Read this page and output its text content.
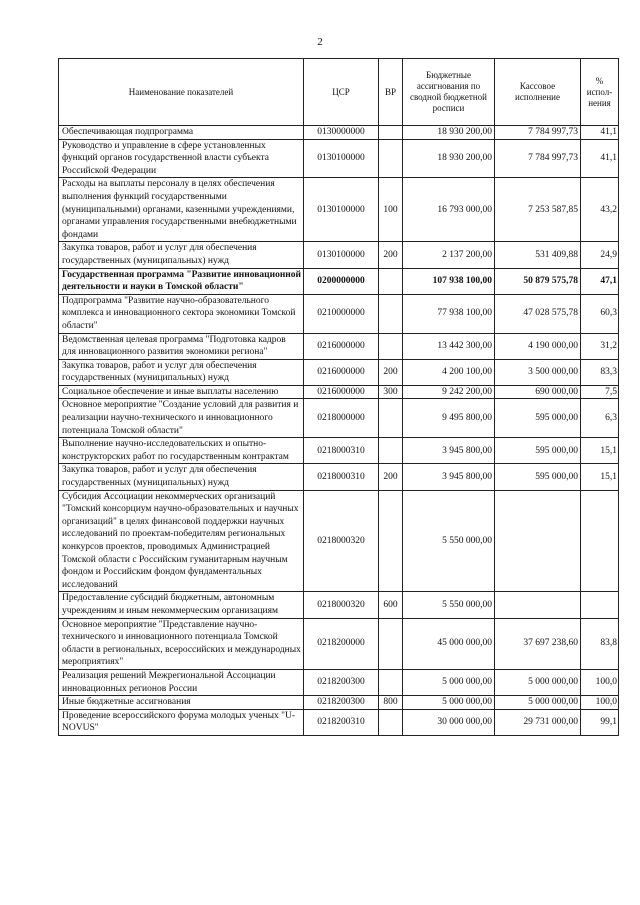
2
Наименование показателей	ЦСР	ВР	Бюджетные ассигнования по сводной бюджетной росписи	Кассовое исполнение	% испол-нения
Обеспечивающая подпрограмма	0130000000		18 930 200,00	7 784 997,73	41,1
Руководство и управление в сфере установленных функций органов государственной власти субъекта Российской Федерации	0130100000		18 930 200,00	7 784 997,73	41,1
Расходы на выплаты персоналу в целях обеспечения выполнения функций государственными (муниципальными) органами, казенными учреждениями, органами управления государственными внебюджетными фондами	0130100000	100	16 793 000,00	7 253 587,85	43,2
Закупка товаров, работ и услуг для обеспечения государственных (муниципальных) нужд	0130100000	200	2 137 200,00	531 409,88	24,9
Государственная программа "Развитие инновационной деятельности и науки в Томской области"	0200000000		107 938 100,00	50 879 575,78	47,1
Подпрограмма "Развитие научно-образовательного комплекса и инновационного сектора экономики Томской области"	0210000000		77 938 100,00	47 028 575,78	60,3
Ведомственная целевая программа "Подготовка кадров для инновационного развития экономики региона"	0216000000		13 442 300,00	4 190 000,00	31,2
Закупка товаров, работ и услуг для обеспечения государственных (муниципальных) нужд	0216000000	200	4 200 100,00	3 500 000,00	83,3
Социальное обеспечение и иные выплаты населению	0216000000	300	9 242 200,00	690 000,00	7,5
Основное мероприятие "Создание условий для развития и реализации научно-технического и инновационного потенциала Томской области"	0218000000		9 495 800,00	595 000,00	6,3
Выполнение научно-исследовательских и опытно-конструкторских работ по государственным контрактам	0218000310		3 945 800,00	595 000,00	15,1
Закупка товаров, работ и услуг для обеспечения государственных (муниципальных) нужд	0218000310	200	3 945 800,00	595 000,00	15,1
Субсидия Ассоциации некоммерческих организаций "Томский консорциум научно-образовательных и научных организаций" в целях финансовой поддержки научных исследований по проектам-победителям региональных конкурсов проектов, проводимых Администрацией Томской области с Российским гуманитарным научным фондом и Российским фондом фундаментальных исследований	0218000320		5 550 000,00		
Предоставление субсидий бюджетным, автономным учреждениям и иным некоммерческим организациям	0218000320	600	5 550 000,00		
Основное мероприятие "Представление научно-технического и инновационного потенциала Томской области в региональных, всероссийских и международных мероприятиях"	0218200000		45 000 000,00	37 697 238,60	83,8
Реализация решений Межрегиональной Ассоциации инновационных регионов России	0218200300		5 000 000,00	5 000 000,00	100,0
Иные бюджетные ассигнования	0218200300	800	5 000 000,00	5 000 000,00	100,0
Проведение всероссийского форума молодых ученых "U-NOVUS"	0218200310		30 000 000,00	29 731 000,00	99,1
